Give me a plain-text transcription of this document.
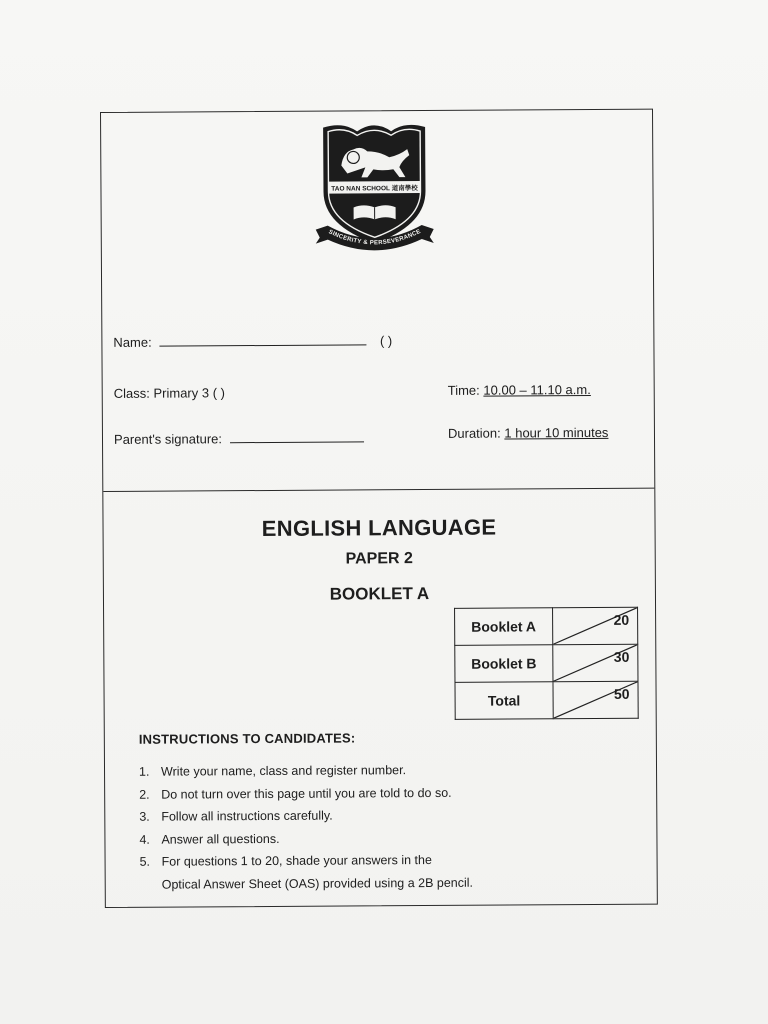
TAO NAN SCHOOL 道南學校
SINCERITY & PERSEVERANCE
Name:	( )
Class: Primary 3 ( )	Time: 10.00 – 11.10 a.m.
Parent's signature:	Duration: 1 hour 10 minutes
ENGLISH LANGUAGE
PAPER 2
BOOKLET A
Booklet A	20

Booklet B	30

Total	50
INSTRUCTIONS TO CANDIDATES:
1. Write your name, class and register number.
2. Do not turn over this page until you are told to do so.
3. Follow all instructions carefully.
4. Answer all questions.
5. For questions 1 to 20, shade your answers in the
Optical Answer Sheet (OAS) provided using a 2B pencil.
